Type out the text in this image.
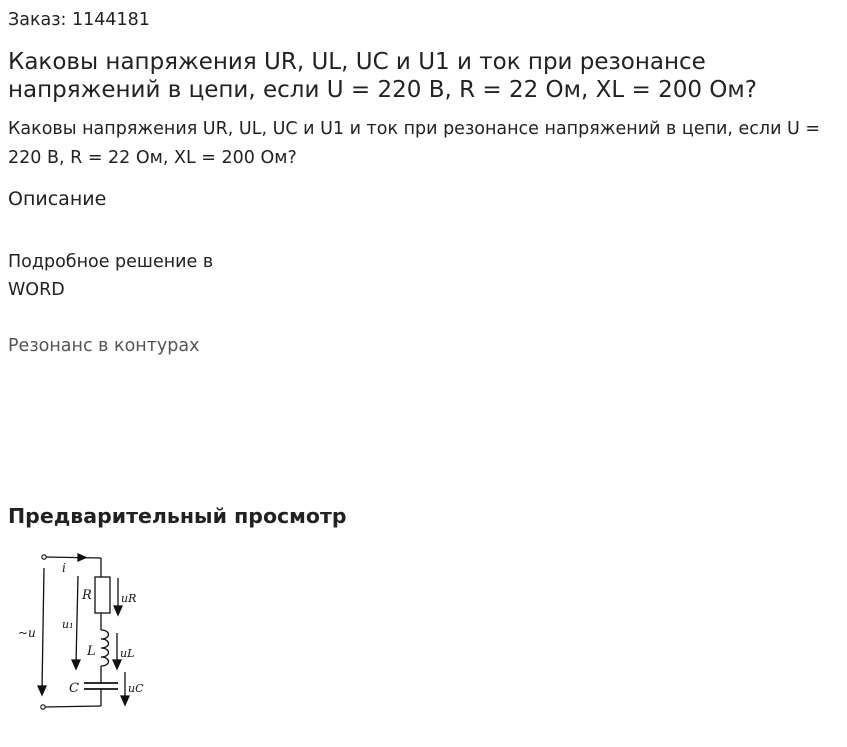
Заказ: 1144181
Каковы напряжения UR, UL, UC и U1 и ток при резонансе напряжений в цепи, если U = 220 В, R = 22 Ом, XL = 200 Ом?

Каковы напряжения UR, UL, UC и U1 и ток при резонансе напряжений в цепи, если U = 220 В, R = 22 Ом, XL = 200 Ом?

Описание
Подробное решение в WORD
Резонанс в контурах
Предварительный просмотр
i
~u
u₁
R	uR
L uL
C	uC
